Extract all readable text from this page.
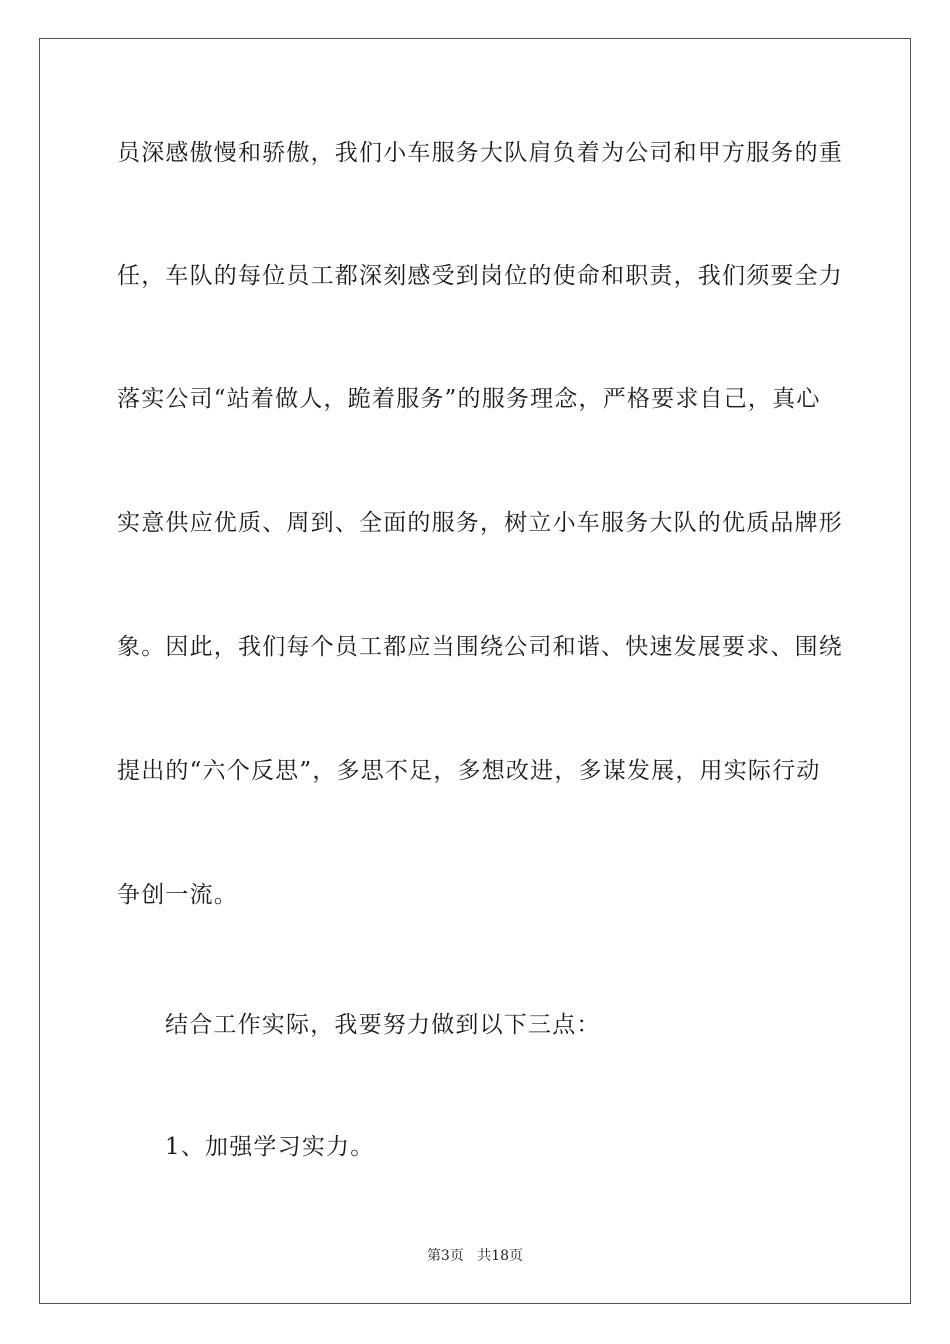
员深感傲慢和骄傲，我们小车服务大队肩负着为公司和甲方服务的重
任，车队的每位员工都深刻感受到岗位的使命和职责，我们须要全力
落实公司“站着做人，跪着服务”的服务理念，严格要求自己，真心
实意供应优质、周到、全面的服务，树立小车服务大队的优质品牌形
象。因此，我们每个员工都应当围绕公司和谐、快速发展要求、围绕
提出的“六个反思”，多思不足，多想改进，多谋发展，用实际行动
争创一流。
结合工作实际，我要努力做到以下三点：
1、加强学习实力。
第3页 共18页
